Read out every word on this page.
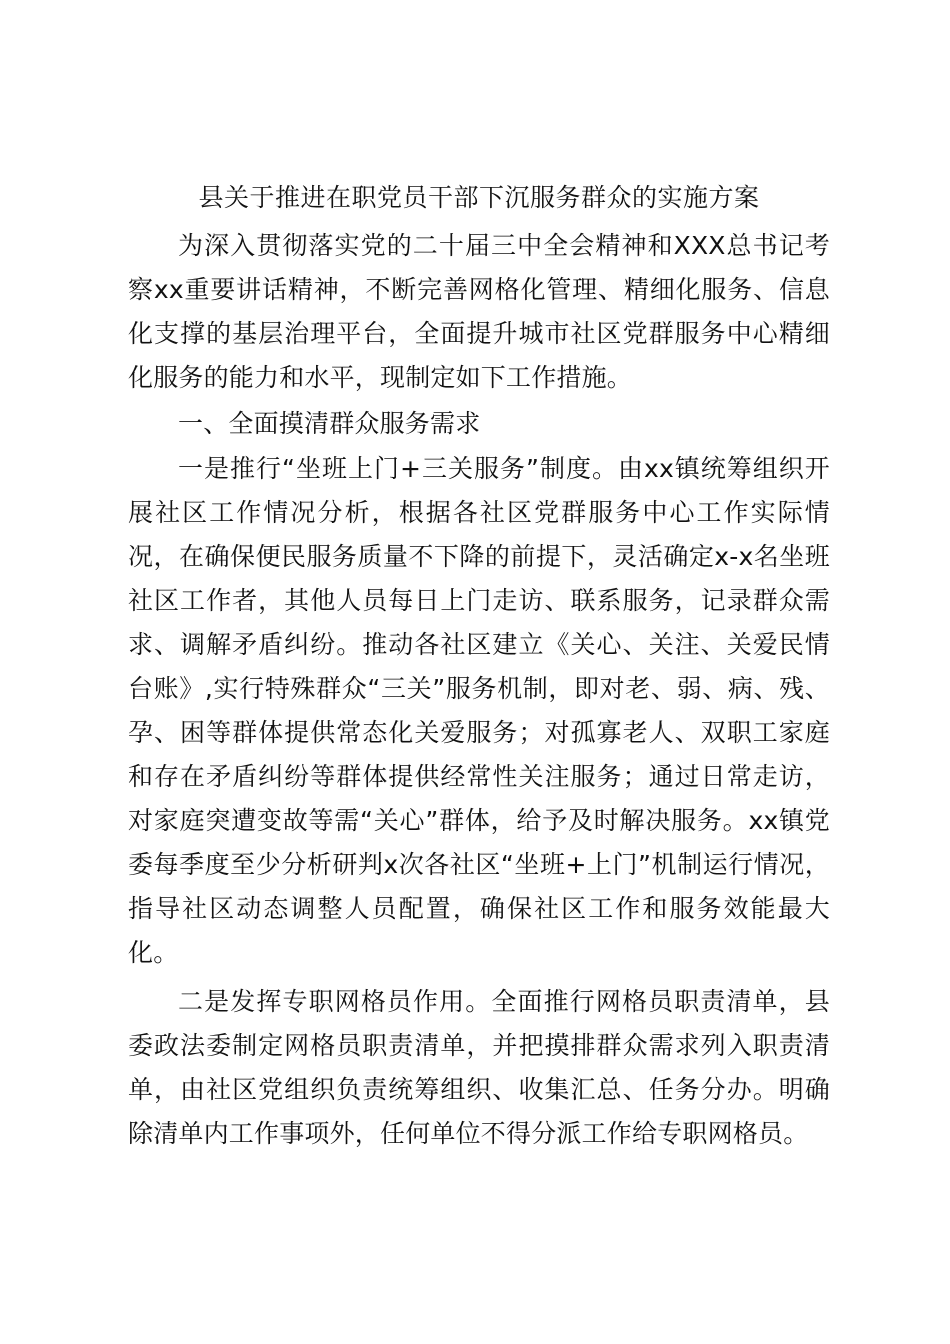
县关于推进在职党员干部下沉服务群众的实施方案

为深入贯彻落实党的二十届三中全会精神和XXX总书记考察xx重要讲话精神，不断完善网格化管理、精细化服务、信息化支撑的基层治理平台，全面提升城市社区党群服务中心精细化服务的能力和水平，现制定如下工作措施。

一、全面摸清群众服务需求

一是推行“坐班上门+三关服务”制度。由xx镇统筹组织开展社区工作情况分析，根据各社区党群服务中心工作实际情况，在确保便民服务质量不下降的前提下，灵活确定x-x名坐班社区工作者，其他人员每日上门走访、联系服务，记录群众需求、调解矛盾纠纷。推动各社区建立《关心、关注、关爱民情台账》,实行特殊群众“三关”服务机制，即对老、弱、病、残、孕、困等群体提供常态化关爱服务；对孤寡老人、双职工家庭和存在矛盾纠纷等群体提供经常性关注服务；通过日常走访，对家庭突遭变故等需“关心”群体，给予及时解决服务。xx镇党委每季度至少分析研判x次各社区“坐班+上门”机制运行情况，指导社区动态调整人员配置，确保社区工作和服务效能最大化。

二是发挥专职网格员作用。全面推行网格员职责清单，县委政法委制定网格员职责清单，并把摸排群众需求列入职责清单，由社区党组织负责统筹组织、收集汇总、任务分办。明确除清单内工作事项外，任何单位不得分派工作给专职网格员。
